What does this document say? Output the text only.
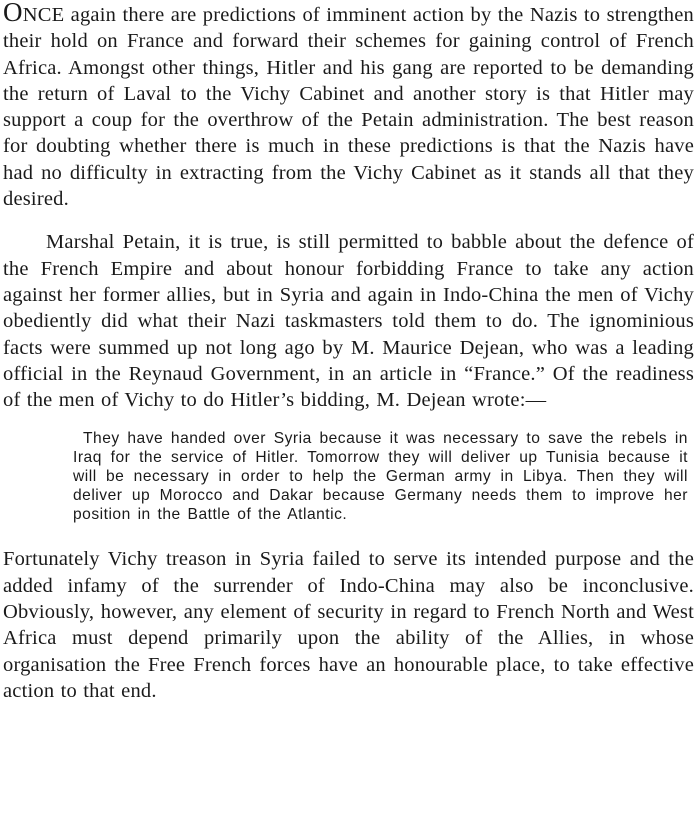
ONCE again there are predictions of imminent action by the Nazis to strengthen their hold on France and forward their schemes for gaining control of French Africa. Amongst other things, Hitler and his gang are reported to be demanding the return of Laval to the Vichy Cabinet and another story is that Hitler may support a coup for the overthrow of the Petain administration. The best reason for doubting whether there is much in these predictions is that the Nazis have had no difficulty in extracting from the Vichy Cabinet as it stands all that they desired.

Marshal Petain, it is true, is still permitted to babble about the defence of the French Empire and about honour forbidding France to take any action against her former allies, but in Syria and again in Indo-China the men of Vichy obediently did what their Nazi taskmasters told them to do. The ignominious facts were summed up not long ago by M. Maurice Dejean, who was a leading official in the Reynaud Government, in an article in “France.” Of the readiness of the men of Vichy to do Hitler’s bidding, M. Dejean wrote:—

They have handed over Syria because it was necessary to save the rebels in Iraq for the service of Hitler. Tomorrow they will deliver up Tunisia because it will be necessary in order to help the German army in Libya. Then they will deliver up Morocco and Dakar because Germany needs them to improve her position in the Battle of the Atlantic.

Fortunately Vichy treason in Syria failed to serve its intended purpose and the added infamy of the surrender of Indo-China may also be inconclusive. Obviously, however, any element of security in regard to French North and West Africa must depend primarily upon the ability of the Allies, in whose organisation the Free French forces have an honourable place, to take effective action to that end.
